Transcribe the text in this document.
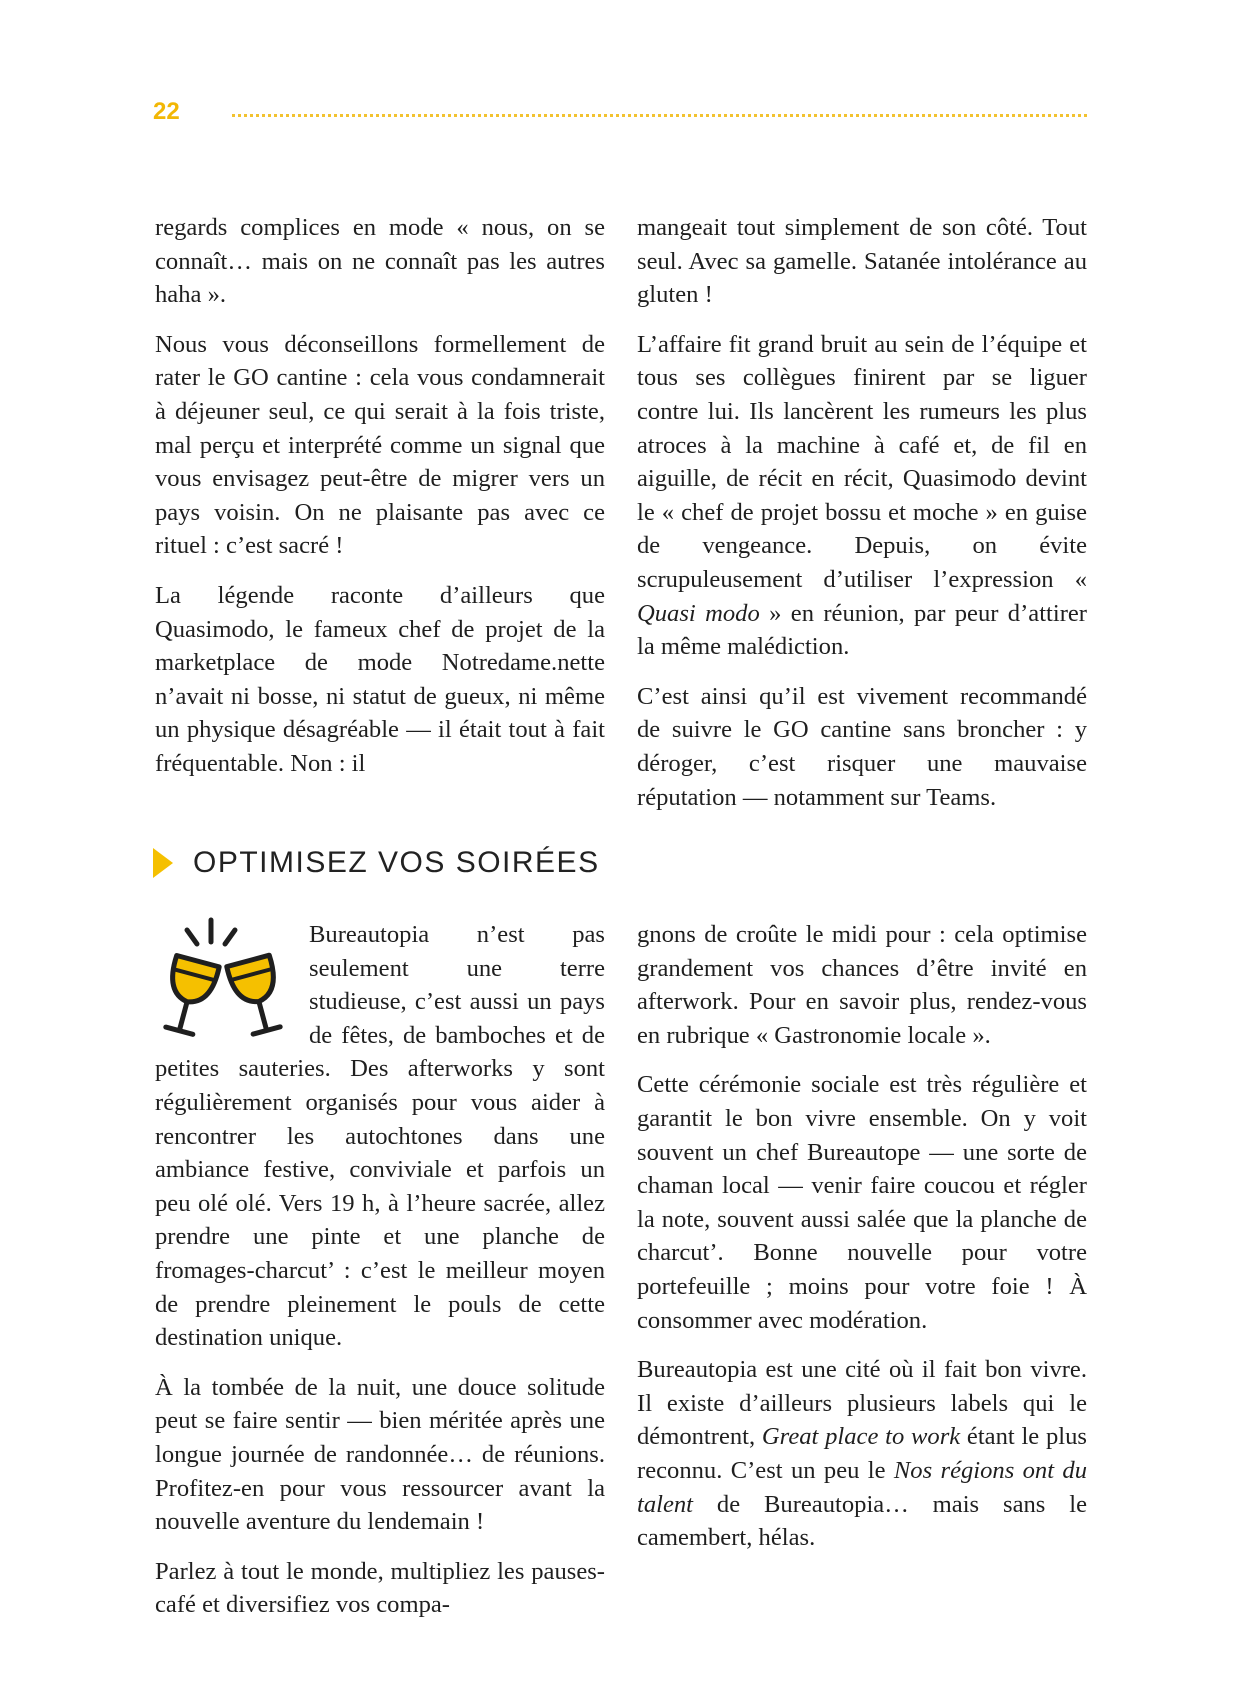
22

regards complices en mode « nous, on se connaît… mais on ne connaît pas les autres haha ».

Nous vous déconseillons formellement de rater le GO cantine : cela vous condamnerait à déjeuner seul, ce qui serait à la fois triste, mal perçu et interprété comme un signal que vous envisagez peut-être de migrer vers un pays voisin. On ne plaisante pas avec ce rituel : c’est sacré !

La légende raconte d’ailleurs que Quasimodo, le fameux chef de projet de la marketplace de mode Notredame.nette n’avait ni bosse, ni statut de gueux, ni même un physique désagréable — il était tout à fait fréquentable. Non : il

mangeait tout simplement de son côté. Tout seul. Avec sa gamelle. Satanée intolérance au gluten !

L’affaire fit grand bruit au sein de l’équipe et tous ses collègues finirent par se liguer contre lui. Ils lancèrent les rumeurs les plus atroces à la machine à café et, de fil en aiguille, de récit en récit, Quasimodo devint le « chef de projet bossu et moche » en guise de vengeance. Depuis, on évite scrupuleusement d’utiliser l’expression « Quasi modo » en réunion, par peur d’attirer la même malédiction.

C’est ainsi qu’il est vivement recommandé de suivre le GO cantine sans broncher : y déroger, c’est risquer une mauvaise réputation — notamment sur Teams.

OPTIMISEZ VOS SOIRÉES

Bureautopia n’est pas seulement une terre studieuse, c’est aussi un pays de fêtes, de bamboches et de petites sauteries. Des afterworks y sont régulièrement organisés pour vous aider à rencontrer les autochtones dans une ambiance festive, conviviale et parfois un peu olé olé. Vers 19 h, à l’heure sacrée, allez prendre une pinte et une planche de fromages-charcut’ : c’est le meilleur moyen de prendre pleinement le pouls de cette destination unique.

À la tombée de la nuit, une douce solitude peut se faire sentir — bien méritée après une longue journée de randonnée… de réunions. Profitez-en pour vous ressourcer avant la nouvelle aventure du lendemain !

Parlez à tout le monde, multipliez les pauses-café et diversifiez vos compa-

gnons de croûte le midi pour : cela optimise grandement vos chances d’être invité en afterwork. Pour en savoir plus, rendez-vous en rubrique « Gastronomie locale ».

Cette cérémonie sociale est très régulière et garantit le bon vivre ensemble. On y voit souvent un chef Bureautope — une sorte de chaman local — venir faire coucou et régler la note, souvent aussi salée que la planche de charcut’. Bonne nouvelle pour votre portefeuille ; moins pour votre foie ! À consommer avec modération.

Bureautopia est une cité où il fait bon vivre. Il existe d’ailleurs plusieurs labels qui le démontrent, Great place to work étant le plus reconnu. C’est un peu le Nos régions ont du talent de Bureautopia… mais sans le camembert, hélas.
